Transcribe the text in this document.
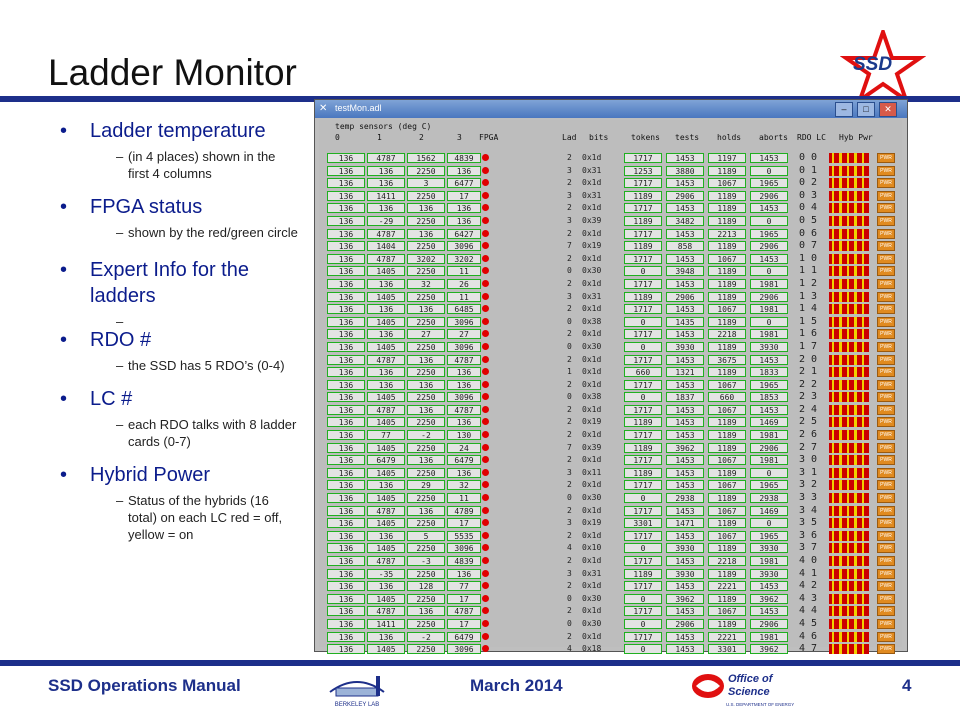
Ladder Monitor	SSD
• Ladder temperature
– (in 4 places) shown in the first 4 columns
• FPGA status
– shown by the red/green circle
• Expert Info for the ladders
• RDO #
– the SSD has 5 RDO’s (0-4)
• LC #
– each RDO talks with 8 ladder cards (0-7)
• Hybrid Power
– Status of the hybrids (16 total) on each LC red = off, yellow = on
✕ testMon.adl	–	□	✕
temp sensors (deg C)
0	1	2	3 FPGA	Lad bits	tokens tests holds aborts RDO LC Hyb Pwr
136	4787	1562	4839	2 0x1d	1717	1453	1197	1453	0 0	PWR
136	136	2250	136	3 0x31	1253	3880	1189	0	0 1	PWR
136	136	3	6477	2 0x1d	1717	1453	1067	1965	0 2	PWR
136	1411	2250	17	3 0x31	1189	2906	1189	2906	0 3	PWR
136	136	136	136	2 0x1d	1717	1453	1189	1453	0 4	PWR
136	-29	2250	136	3 0x39	1189	3482	1189	0	0 5	PWR
136	4787	136	6427	2 0x1d	1717	1453	2213	1965	0 6	PWR
136	1404	2250	3096	7 0x19	1189	858	1189	2906	0 7	PWR
136	4787	3202	3202	2 0x1d	1717	1453	1067	1453	1 0	PWR
136	1405	2250	11	0 0x30	0	3948	1189	0	1 1	PWR
136	136	32	26	2 0x1d	1717	1453	1189	1981	1 2	PWR
136	1405	2250	11	3 0x31	1189	2906	1189	2906	1 3	PWR
136	136	136	6485	2 0x1d	1717	1453	1067	1981	1 4	PWR
136	1405	2250	3096	0 0x38	0	1435	1189	0	1 5	PWR
136	136	27	27	2 0x1d	1717	1453	2218	1981	1 6	PWR
136	1405	2250	3096	0 0x30	0	3930	1189	3930	1 7	PWR
136	4787	136	4787	2 0x1d	1717	1453	3675	1453	2 0	PWR
136	136	2250	136	1 0x1d	660	1321	1189	1833	2 1	PWR
136	136	136	136	2 0x1d	1717	1453	1067	1965	2 2	PWR
136	1405	2250	3096	0 0x38	0	1837	660	1853	2 3	PWR
136	4787	136	4787	2 0x1d	1717	1453	1067	1453	2 4	PWR
136	1405	2250	136	2 0x19	1189	1453	1189	1469	2 5	PWR
136	77	-2	130	2 0x1d	1717	1453	1189	1981	2 6	PWR
136	1405	2250	24	7 0x39	1189	3962	1189	2906	2 7	PWR
136	6479	136	6479	2 0x1d	1717	1453	1067	1981	3 0	PWR
136	1405	2250	136	3 0x11	1189	1453	1189	0	3 1	PWR
136	136	29	32	2 0x1d	1717	1453	1067	1965	3 2	PWR
136	1405	2250	11	0 0x30	0	2938	1189	2938	3 3	PWR
136	4787	136	4789	2 0x1d	1717	1453	1067	1469	3 4	PWR
136	1405	2250	17	3 0x19	3301	1471	1189	0	3 5	PWR
136	136	5	5535	2 0x1d	1717	1453	1067	1965	3 6	PWR
136	1405	2250	3096	4 0x10	0	3930	1189	3930	3 7	PWR
136	4787	-3	4839	2 0x1d	1717	1453	2218	1981	4 0	PWR
136	-35	2250	136	3 0x31	1189	3930	1189	3930	4 1	PWR
136	136	128	77	2 0x1d	1717	1453	2221	1453	4 2	PWR
136	1405	2250	17	0 0x30	0	3962	1189	3962	4 3	PWR
136	4787	136	4787	2 0x1d	1717	1453	1067	1453	4 4	PWR
136	1411	2250	17	0 0x30	0	2906	1189	2906	4 5	PWR
136	136	-2	6479	2 0x1d	1717	1453	2221	1981	4 6	PWR
136	1405	2250	3096	4 0x18	0	1453	3301	3962	4 7	PWR
SSD Operations Manual
BERKELEY LAB
March 2014	Office of
Science
U.S. DEPARTMENT OF ENERGY
4
